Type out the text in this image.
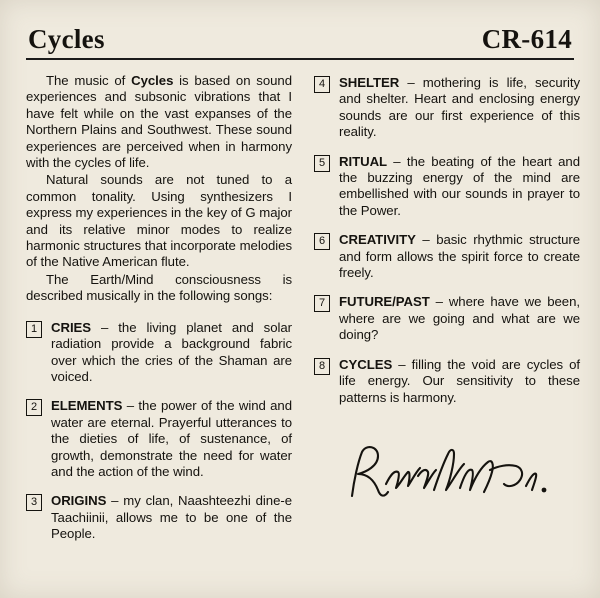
Cycles	CR-614

The music of Cycles is based on sound experiences and subsonic vibrations that I have felt while on the vast expanses of the Northern Plains and Southwest. These sound experiences are perceived when in harmony with the cycles of life.

Natural sounds are not tuned to a common tonality. Using synthesizers I express my experiences in the key of G major and its relative minor modes to realize harmonic structures that incorporate melodies of the Native American flute.

The Earth/Mind consciousness is described musically in the following songs:

1	CRIES – the living planet and solar radiation provide a background fabric over which the cries of the Shaman are voiced.
2	ELEMENTS – the power of the wind and water are eternal. Prayerful utterances to the dieties of life, of sustenance, of growth, demonstrate the need for water and the action of the wind.
3	ORIGINS – my clan, Naashteezhi dine-e Taachiinii, allows me to be one of the People.
4	SHELTER – mothering is life, security and shelter. Heart and enclosing energy sounds are our first experience of this reality.
5	RITUAL – the beating of the heart and the buzzing energy of the mind are embellished with our sounds in prayer to the Power.
6	CREATIVITY – basic rhythmic structure and form allows the spirit force to create freely.
7	FUTURE/PAST – where have we been, where are we going and what are we doing?
8	CYCLES – filling the void are cycles of life energy. Our sensitivity to these patterns is harmony.
